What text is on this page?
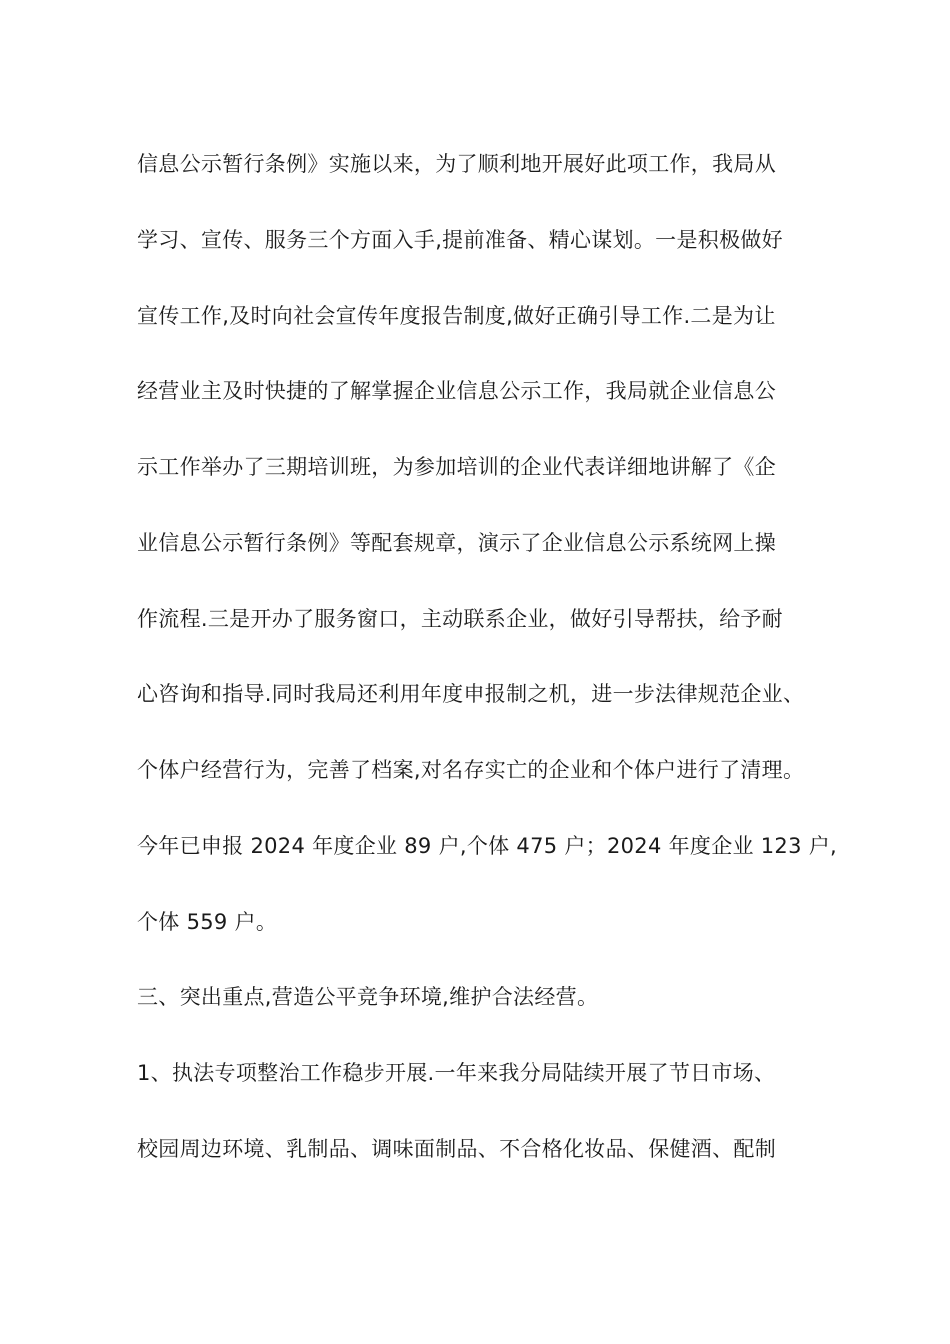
信息公示暂行条例》实施以来，为了顺利地开展好此项工作，我局从
学习、宣传、服务三个方面入手,提前准备、精心谋划。一是积极做好
宣传工作,及时向社会宣传年度报告制度,做好正确引导工作.二是为让
经营业主及时快捷的了解掌握企业信息公示工作，我局就企业信息公
示工作举办了三期培训班，为参加培训的企业代表详细地讲解了《企
业信息公示暂行条例》等配套规章，演示了企业信息公示系统网上操
作流程.三是开办了服务窗口，主动联系企业，做好引导帮扶，给予耐
心咨询和指导.同时我局还利用年度申报制之机，进一步法律规范企业、
个体户经营行为，完善了档案,对名存实亡的企业和个体户进行了清理。
今年已申报 2024 年度企业 89 户,个体 475 户；2024 年度企业 123 户,
个体 559 户。
三、突出重点,营造公平竞争环境,维护合法经营。
1、执法专项整治工作稳步开展.一年来我分局陆续开展了节日市场、
校园周边环境、乳制品、调味面制品、不合格化妆品、保健酒、配制
